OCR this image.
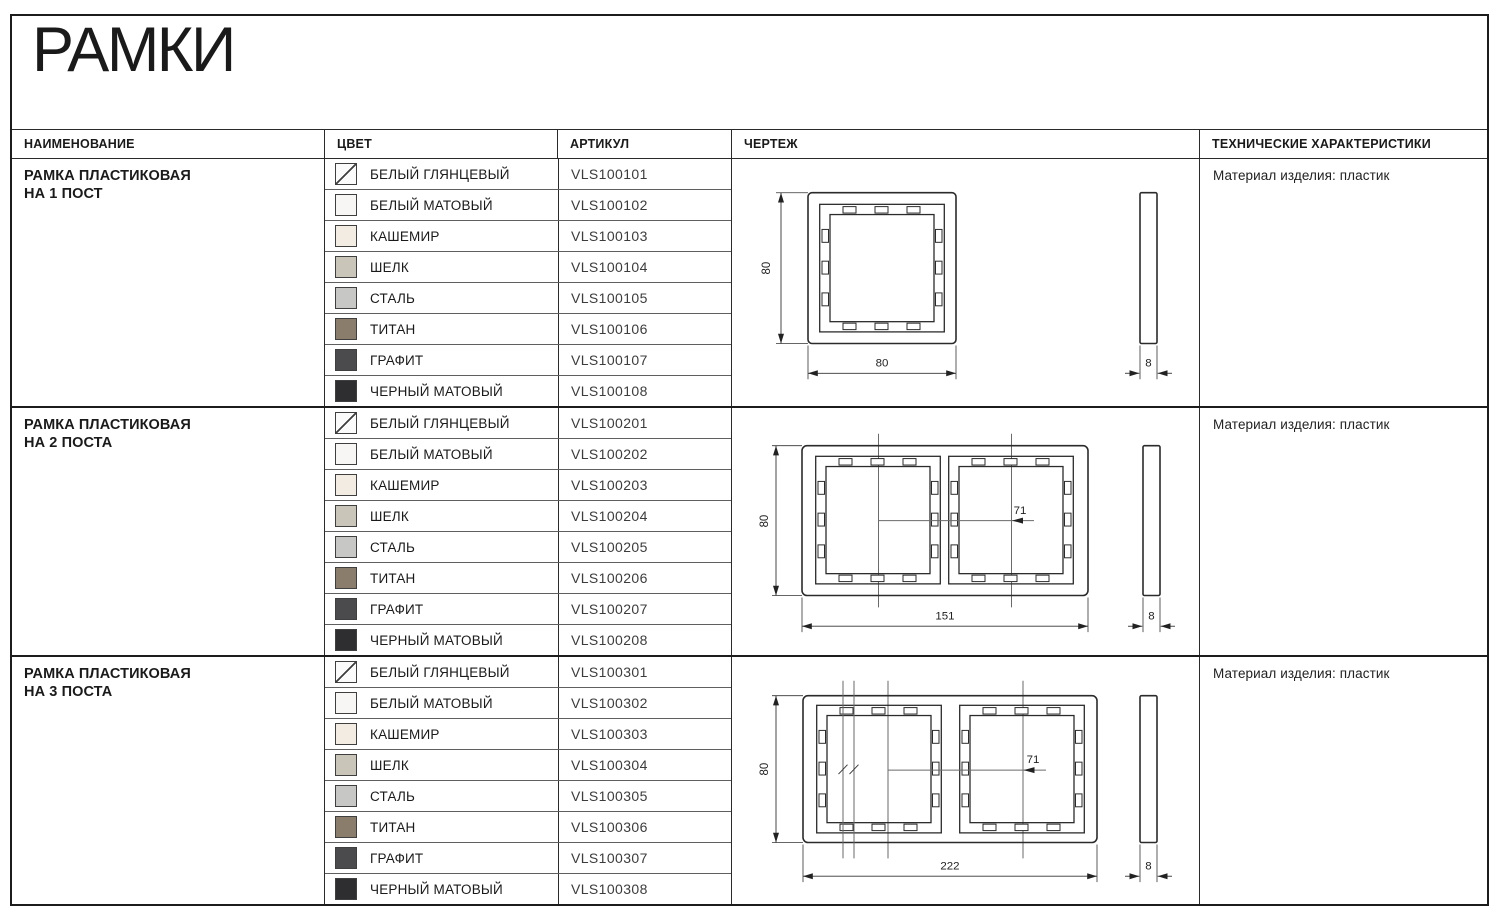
РАМКИ
НАИМЕНОВАНИЕ	ЦВЕТ	АРТИКУЛ	ЧЕРТЕЖ	ТЕХНИЧЕСКИЕ ХАРАКТЕРИСТИКИ
РАМКА ПЛАСТИКОВАЯ
НА 1 ПОСТ
БЕЛЫЙ ГЛЯНЦЕВЫЙ	VLS100101
БЕЛЫЙ МАТОВЫЙ	VLS100102
КАШЕМИР	VLS100103
ШЕЛК	VLS100104
СТАЛЬ	VLS100105
ТИТАН	VLS100106
ГРАФИТ	VLS100107
ЧЕРНЫЙ МАТОВЫЙ	VLS100108
80
80	8
Материал изделия: пластик
РАМКА ПЛАСТИКОВАЯ
НА 2 ПОСТА
БЕЛЫЙ ГЛЯНЦЕВЫЙ	VLS100201
БЕЛЫЙ МАТОВЫЙ	VLS100202
КАШЕМИР	VLS100203
ШЕЛК	VLS100204
СТАЛЬ	VLS100205
ТИТАН	VLS100206
ГРАФИТ	VLS100207
ЧЕРНЫЙ МАТОВЫЙ	VLS100208
71
80
151	8
Материал изделия: пластик
РАМКА ПЛАСТИКОВАЯ
НА 3 ПОСТА
БЕЛЫЙ ГЛЯНЦЕВЫЙ	VLS100301
БЕЛЫЙ МАТОВЫЙ	VLS100302
КАШЕМИР	VLS100303
ШЕЛК	VLS100304
СТАЛЬ	VLS100305
ТИТАН	VLS100306
ГРАФИТ	VLS100307
ЧЕРНЫЙ МАТОВЫЙ	VLS100308
71
80
222	8
Материал изделия: пластик
